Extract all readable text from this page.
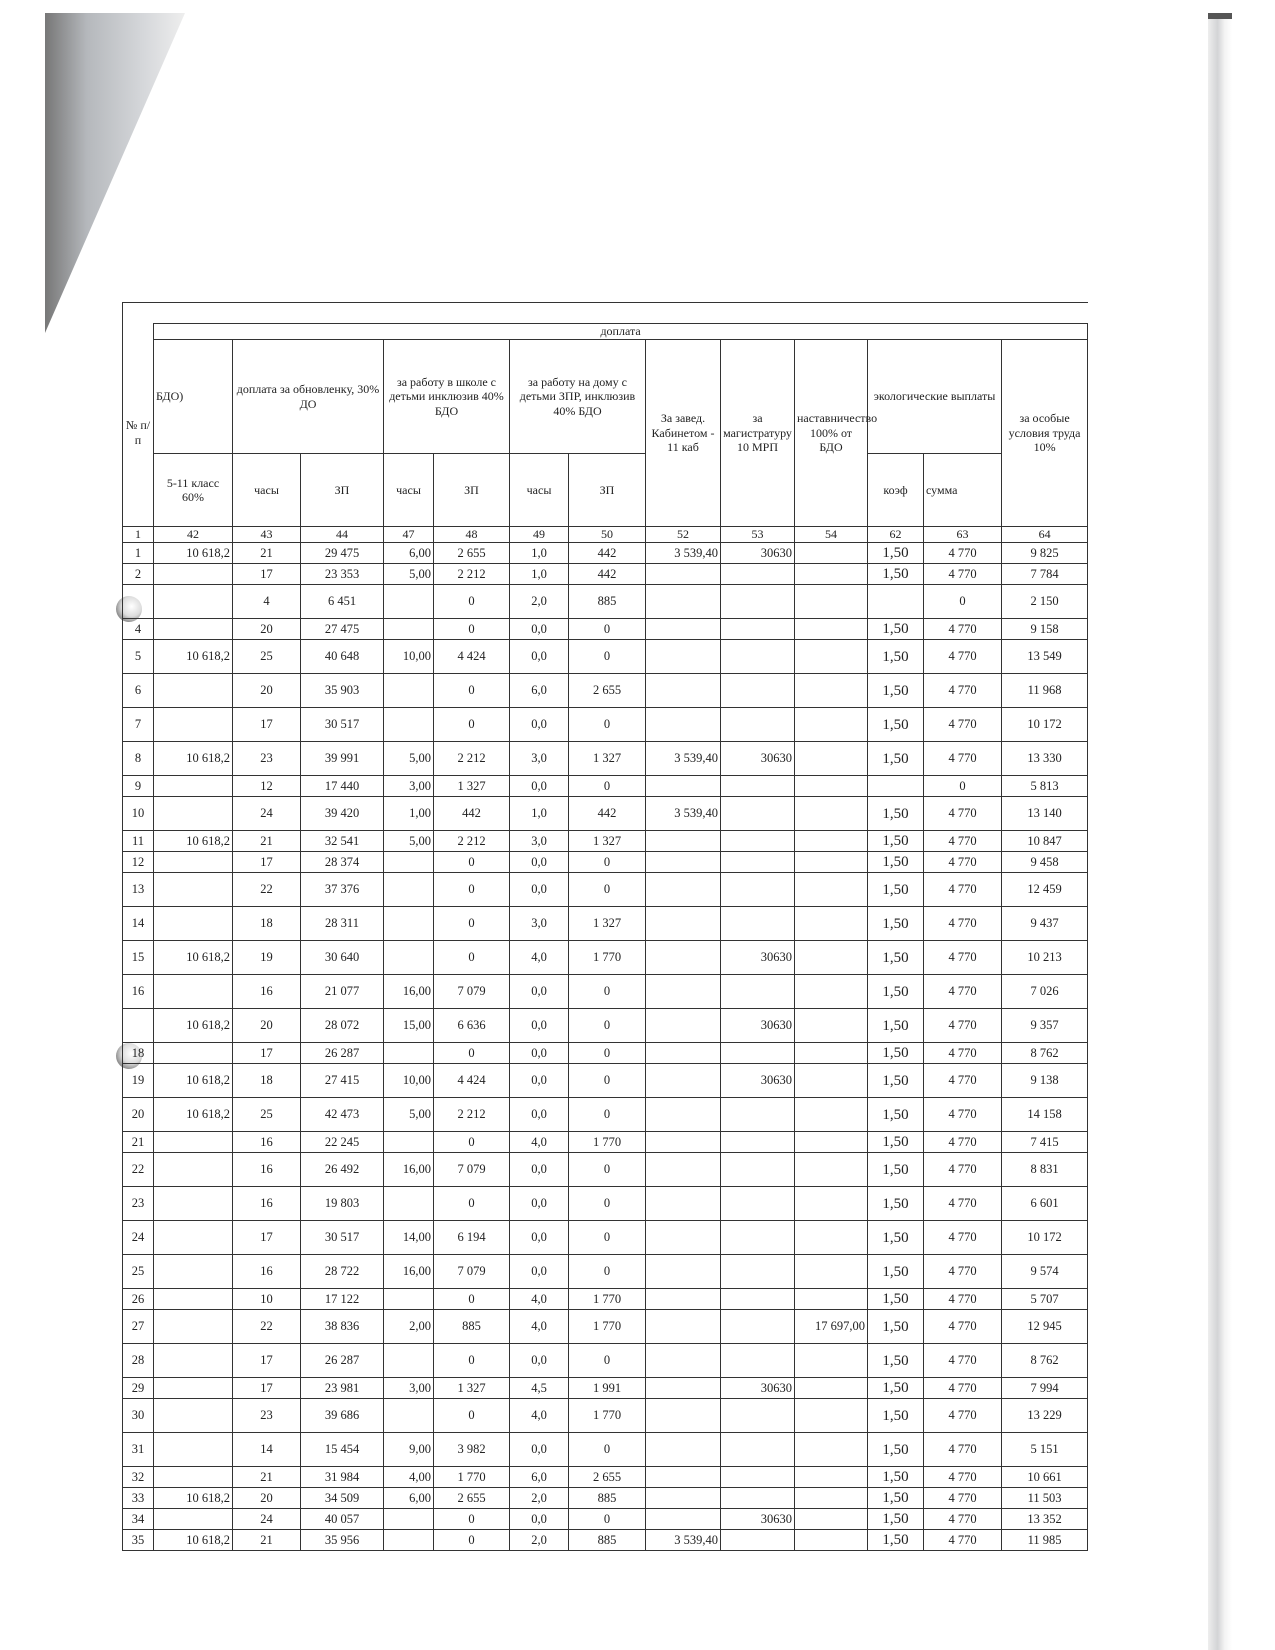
	доплата												
№ п/п	БДО)	доплата за обновленку, 30% ДО		за работу в школе с детьми инклюзив 40% БДО		за работу на дому с детьми ЗПР, инклюзив 40% БДО		За завед. Кабинетом - 11 каб	за магистратуру 10 МРП	наставничество 100% от БДО	экологические выплаты		за особые условия труда 10%
	5-11 класс 60%	часы	ЗП	часы	ЗП	часы	ЗП				коэф	сумма	
1	42	43	44	47	48	49	50	52	53	54	62	63	64
1	10 618,2	21	29 475	6,00	2 655	1,0	442	3 539,40	30630		1,50	4 770	9 825
2		17	23 353	5,00	2 212	1,0	442				1,50	4 770	7 784
		4	6 451		0	2,0	885					0	2 150
4		20	27 475		0	0,0	0				1,50	4 770	9 158
5	10 618,2	25	40 648	10,00	4 424	0,0	0				1,50	4 770	13 549
6		20	35 903		0	6,0	2 655				1,50	4 770	11 968
7		17	30 517		0	0,0	0				1,50	4 770	10 172
8	10 618,2	23	39 991	5,00	2 212	3,0	1 327	3 539,40	30630		1,50	4 770	13 330
9		12	17 440	3,00	1 327	0,0	0					0	5 813
10		24	39 420	1,00	442	1,0	442	3 539,40			1,50	4 770	13 140
11	10 618,2	21	32 541	5,00	2 212	3,0	1 327				1,50	4 770	10 847
12		17	28 374		0	0,0	0				1,50	4 770	9 458
13		22	37 376		0	0,0	0				1,50	4 770	12 459
14		18	28 311		0	3,0	1 327				1,50	4 770	9 437
15	10 618,2	19	30 640		0	4,0	1 770		30630		1,50	4 770	10 213
16		16	21 077	16,00	7 079	0,0	0				1,50	4 770	7 026
	10 618,2	20	28 072	15,00	6 636	0,0	0		30630		1,50	4 770	9 357
18		17	26 287		0	0,0	0				1,50	4 770	8 762
19	10 618,2	18	27 415	10,00	4 424	0,0	0		30630		1,50	4 770	9 138
20	10 618,2	25	42 473	5,00	2 212	0,0	0				1,50	4 770	14 158
21		16	22 245		0	4,0	1 770				1,50	4 770	7 415
22		16	26 492	16,00	7 079	0,0	0				1,50	4 770	8 831
23		16	19 803		0	0,0	0				1,50	4 770	6 601
24		17	30 517	14,00	6 194	0,0	0				1,50	4 770	10 172
25		16	28 722	16,00	7 079	0,0	0				1,50	4 770	9 574
26		10	17 122		0	4,0	1 770				1,50	4 770	5 707
27		22	38 836	2,00	885	4,0	1 770			17 697,00	1,50	4 770	12 945
28		17	26 287		0	0,0	0				1,50	4 770	8 762
29		17	23 981	3,00	1 327	4,5	1 991		30630		1,50	4 770	7 994
30		23	39 686		0	4,0	1 770				1,50	4 770	13 229
31		14	15 454	9,00	3 982	0,0	0				1,50	4 770	5 151
32		21	31 984	4,00	1 770	6,0	2 655				1,50	4 770	10 661
33	10 618,2	20	34 509	6,00	2 655	2,0	885				1,50	4 770	11 503
34		24	40 057		0	0,0	0		30630		1,50	4 770	13 352
35	10 618,2	21	35 956		0	2,0	885	3 539,40			1,50	4 770	11 985
